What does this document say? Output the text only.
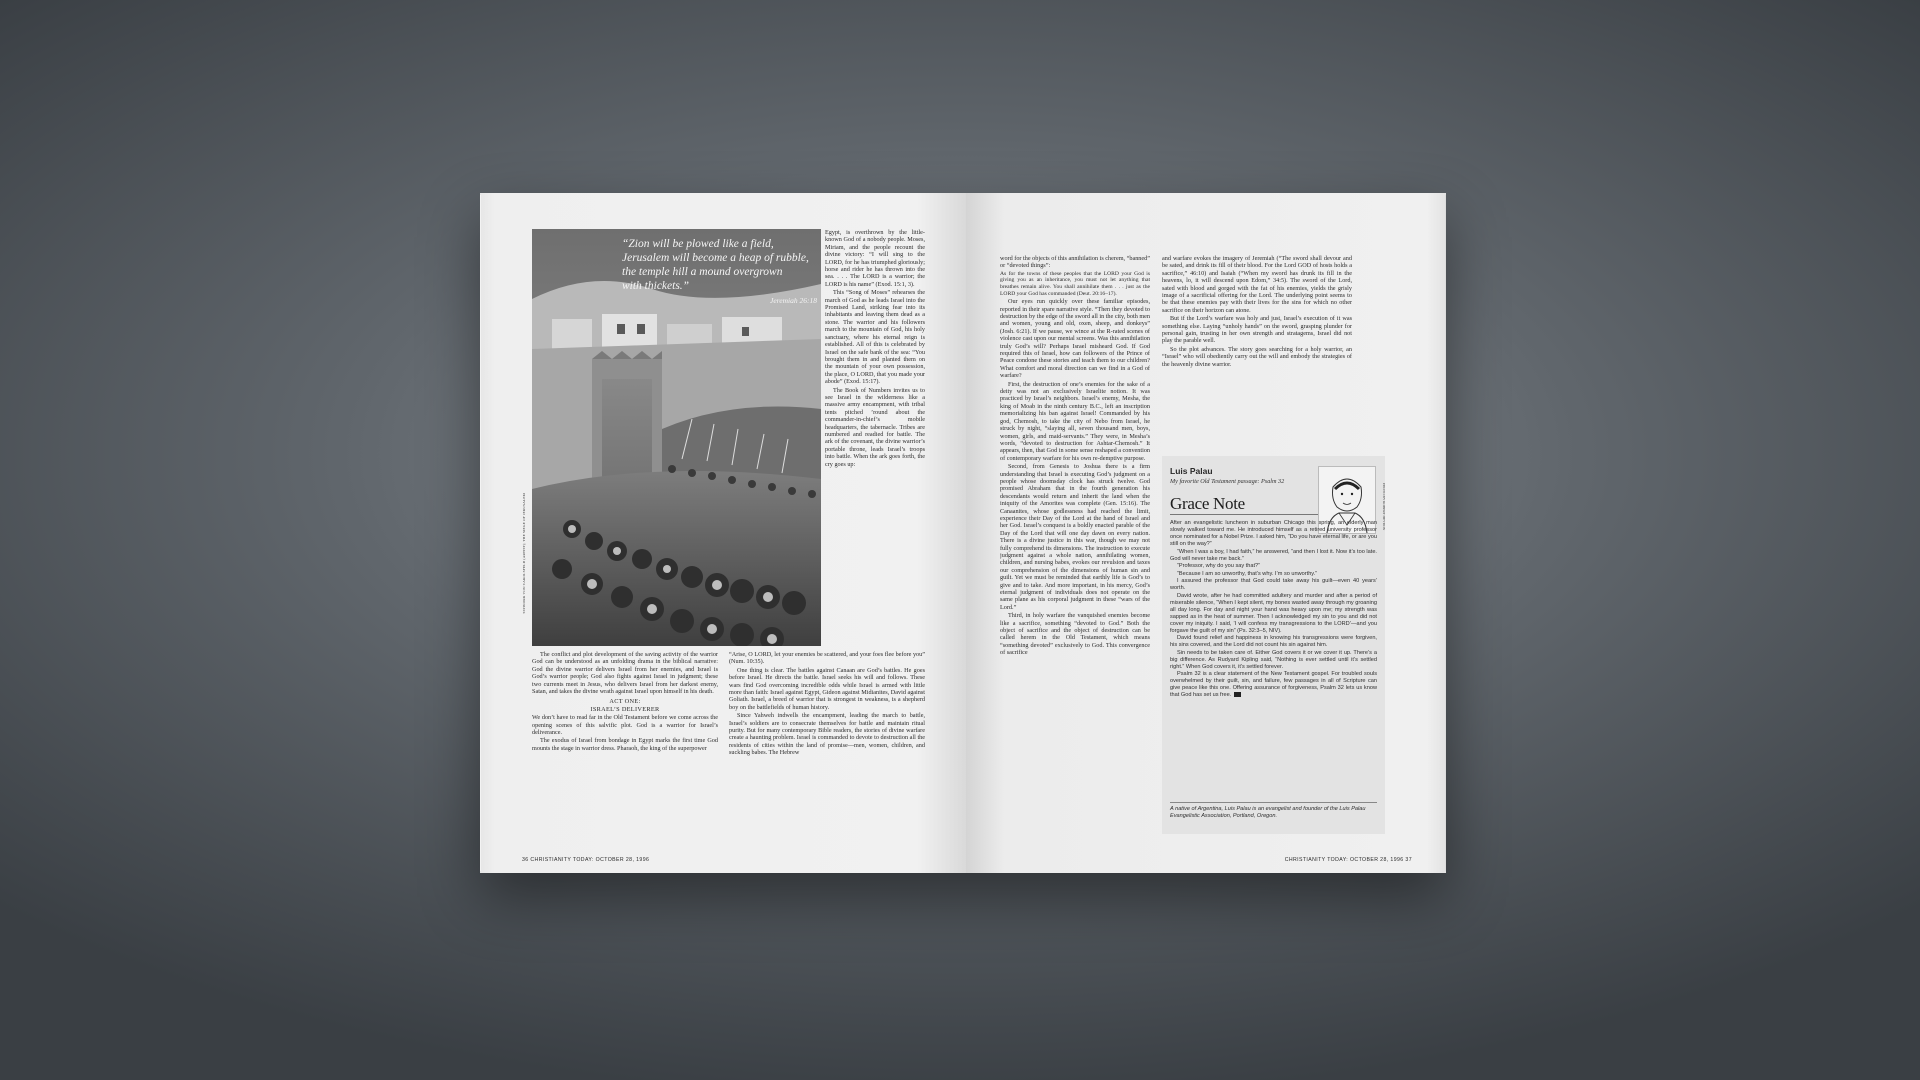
“Zion will be plowed like a field,
Jerusalem will become a heap of rubble,
the temple hill a mound overgrown
with thickets.”
Jeremiah 26:18
SCHNORR VON CAROLSFELD (ARTIST); THE SIEGE OF JERUSALEM

Egypt, is overthrown by the little-known God of a nobody people. Moses, Miriam, and the people recount the divine victory: “I will sing to the LORD, for he has triumphed gloriously; horse and rider he has thrown into the sea. . . . The LORD is a warrior; the LORD is his name” (Exod. 15:1, 3).

This “Song of Moses” rehearses the march of God as he leads Israel into the Promised Land, striking fear into its inhabitants and leaving them dead as a stone. The warrior and his followers march to the mountain of God, his holy sanctuary, where his eternal reign is established. All of this is celebrated by Israel on the safe bank of the sea: “You brought them in and planted them on the mountain of your own possession, the place, O LORD, that you made your abode” (Exod. 15:17).

The Book of Numbers invites us to see Israel in the wilderness like a massive army encampment, with tribal tents pitched ’round about the commander-in-chief’s mobile headquarters, the tabernacle. Tribes are numbered and readied for battle. The ark of the covenant, the divine warrior’s portable throne, leads Israel’s troops into battle. When the ark goes forth, the cry goes up:

The conflict and plot development of the saving activity of the warrior God can be understood as an unfolding drama in the biblical narrative: God the divine warrior delivers Israel from her enemies, and Israel is God’s warrior people; God also fights against Israel in judgment; these two currents meet in Jesus, who delivers Israel from her darkest enemy, Satan, and takes the divine wrath against Israel upon himself in his death.

ACT ONE:
ISRAEL’S DELIVERER

We don’t have to read far in the Old Testament before we come across the opening scenes of this salvific plot. God is a warrior for Israel’s deliverance.

The exodus of Israel from bondage in Egypt marks the first time God mounts the stage in warrior dress. Pharaoh, the king of the superpower

“Arise, O LORD, let your enemies be scattered, and your foes flee before you” (Num. 10:35).

One thing is clear. The battles against Canaan are God’s battles. He goes before Israel. He directs the battle. Israel seeks his will and follows. These wars find God overcoming incredible odds while Israel is armed with little more than faith: Israel against Egypt, Gideon against Midianites, David against Goliath. Israel, a breed of warrior that is strongest in weakness, is a shepherd boy on the battlefields of human history.

Since Yahweh indwells the encampment, leading the march to battle, Israel’s soldiers are to consecrate themselves for battle and maintain ritual purity. But for many contemporary Bible readers, the stories of divine warfare create a haunting problem. Israel is commanded to devote to destruction all the residents of cities within the land of promise—men, women, children, and suckling babes. The Hebrew

36 CHRISTIANITY TODAY: OCTOBER 28, 1996

word for the objects of this annihilation is cherem, “banned” or “devoted things”:

As for the towns of these peoples that the LORD your God is giving you as an inheritance, you must not let anything that breathes remain alive. You shall annihilate them . . . just as the LORD your God has commanded (Deut. 20:16–17).

Our eyes run quickly over these familiar episodes, reported in their spare narrative style. “Then they devoted to destruction by the edge of the sword all in the city, both men and women, young and old, oxen, sheep, and donkeys” (Josh. 6:21). If we pause, we wince at the R-rated scenes of violence cast upon our mental screens. Was this annihilation truly God’s will? Perhaps Israel misheard God. If God required this of Israel, how can followers of the Prince of Peace condone these stories and teach them to our children? What comfort and moral direction can we find in a God of warfare?

First, the destruction of one’s enemies for the sake of a deity was not an exclusively Israelite notion. It was practiced by Israel’s neighbors. Israel’s enemy, Mesha, the king of Moab in the ninth century B.C., left an inscription memorializing his ban against Israel! Commanded by his god, Chemosh, to take the city of Nebo from Israel, he struck by night, “slaying all, seven thousand men, boys, women, girls, and maid-servants.” They were, in Mesha’s words, “devoted to destruction for Ashtar-Chemosh.” It appears, then, that God in some sense reshaped a convention of contemporary warfare for his own re-demptive purpose.

Second, from Genesis to Joshua there is a firm understanding that Israel is executing God’s judgment on a people whose doomsday clock has struck twelve. God promised Abraham that in the fourth generation his descendants would return and inherit the land when the iniquity of the Amorites was complete (Gen. 15:16). The Canaanites, whose godlessness had reached the limit, experience their Day of the Lord at the hand of Israel and her God. Israel’s conquest is a boldly enacted parable of the Day of the Lord that will one day dawn on every nation. There is a divine justice in this war, though we may not fully comprehend its dimensions. The instruction to execute judgment against a whole nation, annihilating women, children, and nursing babes, evokes our revulsion and taxes our comprehension of the dimensions of human sin and guilt. Yet we must be reminded that earthly life is God’s to give and to take. And more important, in his mercy, God’s eternal judgment of individuals does not operate on the same plane as his corporal judgment in these “wars of the Lord.”

Third, in holy warfare the vanquished enemies become like a sacrifice, something “devoted to God.” Both the object of sacrifice and the object of destruction can be called herem in the Old Testament, which means “something devoted” exclusively to God. This convergence of sacrifice

and warfare evokes the imagery of Jeremiah (“The sword shall devour and be sated, and drink its fill of their blood. For the Lord GOD of hosts holds a sacrifice,” 46:10) and Isaiah (“When my sword has drunk its fill in the heavens, lo, it will descend upon Edom,” 34:5). The sword of the Lord, sated with blood and gorged with the fat of his enemies, yields the grisly image of a sacrificial offering for the Lord. The underlying point seems to be that these enemies pay with their lives for the sins for which no other sacrifice on their horizon can atone.

But if the Lord’s warfare was holy and just, Israel’s execution of it was something else. Laying “unholy hands” on the sword, grasping plunder for personal gain, trusting in her own strength and stratagems, Israel did not play the parable well.

So the plot advances. The story goes searching for a holy warrior, an “Israel” who will obediently carry out the will and embody the strategies of the heavenly divine warrior.

Luis Palau
My favorite Old Testament passage: Psalm 32
Grace Note

After an evangelistic luncheon in suburban Chicago this spring, an elderly man slowly walked toward me. He introduced himself as a retired university professor once nominated for a Nobel Prize. I asked him, “Do you have eternal life, or are you still on the way?”

“When I was a boy, I had faith,” he answered, “and then I lost it. Now it’s too late. God will never take me back.”

“Professor, why do you say that?”

“Because I am so unworthy, that’s why. I’m so unworthy.”

I assured the professor that God could take away his guilt—even 40 years’ worth.

David wrote, after he had committed adultery and murder and after a period of miserable silence, “When I kept silent, my bones wasted away through my groaning all day long. For day and night your hand was heavy upon me; my strength was sapped as in the heat of summer. Then I acknowledged my sin to you and did not cover my iniquity. I said, ‘I will confess my transgressions to the LORD’—and you forgave the guilt of my sin” (Ps. 32:3–5, NIV).

David found relief and happiness in knowing his transgressions were forgiven, his sins covered, and the Lord did not count his sin against him.

Sin needs to be taken care of. Either God covers it or we cover it up. There’s a big difference. As Rudyard Kipling said, “Nothing is ever settled until it’s settled right.” When God covers it, it’s settled forever.

Psalm 32 is a clear statement of the New Testament gospel. For troubled souls overwhelmed by their guilt, sin, and failure, few passages in all of Scripture can give peace like this one. Offering assurance of forgiveness, Psalm 32 lets us know that God has set us free.

A native of Argentina, Luis Palau is an evangelist and founder of the Luis Palau Evangelistic Association, Portland, Oregon.
PHOTO BY ROBERT HEYDON
CHRISTIANITY TODAY: OCTOBER 28, 1996 37
